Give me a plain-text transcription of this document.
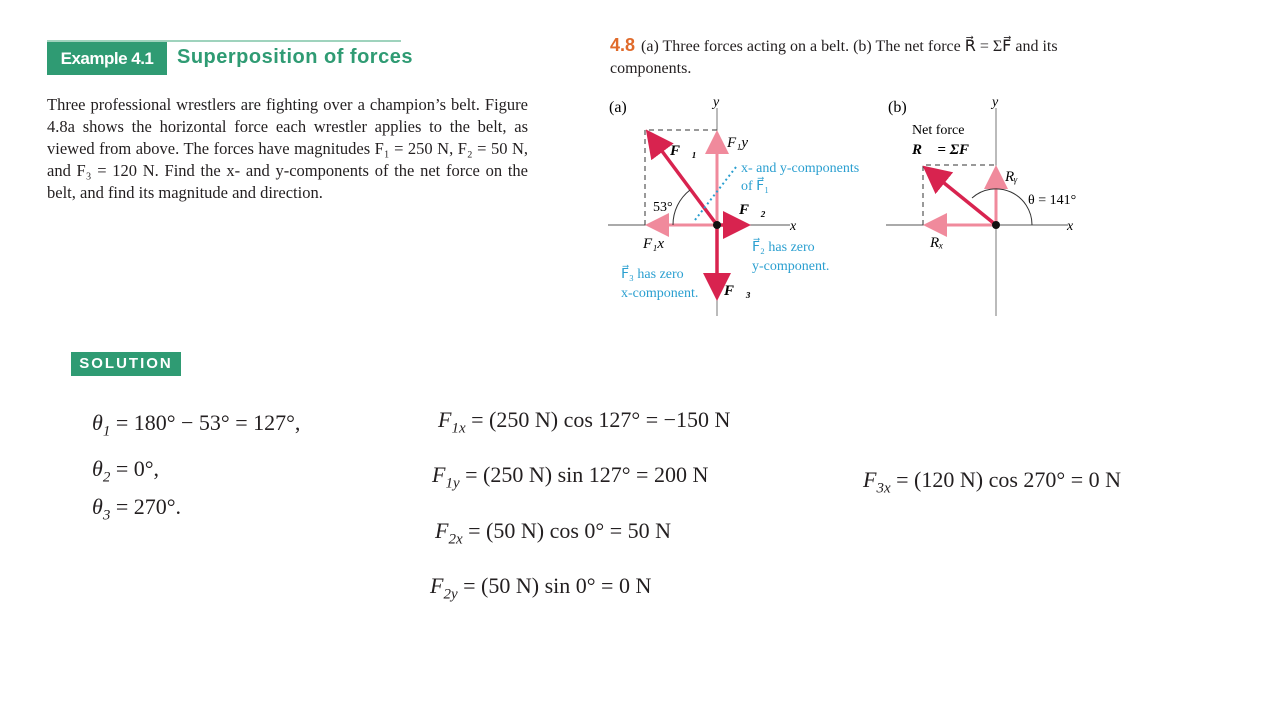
Example 4.1	Superposition of forces
Three professional wrestlers are fighting over a champion’s belt. Figure 4.8a shows the horizontal force each wrestler applies to the belt, as viewed from above. The forces have magnitudes F₁ = 250 N, F₂ = 50 N, and F₃ = 120 N. Find the x- and y-components of the net force on the belt, and find its magnitude and direction.
4.8 (a) Three forces acting on a belt. (b) The net force R⃗ = ΣF⃗ and its components.
(a)	y
x
53°
F⃗₁ F₁y
F₁x
F⃗₂
F⃗₃
x- and y-components
of F⃗₁
F⃗₂ has zero
y-component.
F⃗₃ has zero
x-component.
(b)	y
x
Net force
R⃗ = ΣF⃗
Rᵧ
Rₓ
θ = 141°
SOLUTION
$\theta_1 = 180^\circ - 53^\circ = 127^\circ$,
$\theta_2 = 0^\circ$,
$\theta_3 = 270^\circ$.
$F_{1x} = (250$ N) cos 127° = −150 N
$F_{1y} = (250$ N) sin 127° = 200 N
$F_{2x} = (50$ N) cos 0° = 50 N
$F_{2y} = (50$ N) sin 0° = 0 N
$F_{3x} = (120$ N) cos 270° = 0 N
